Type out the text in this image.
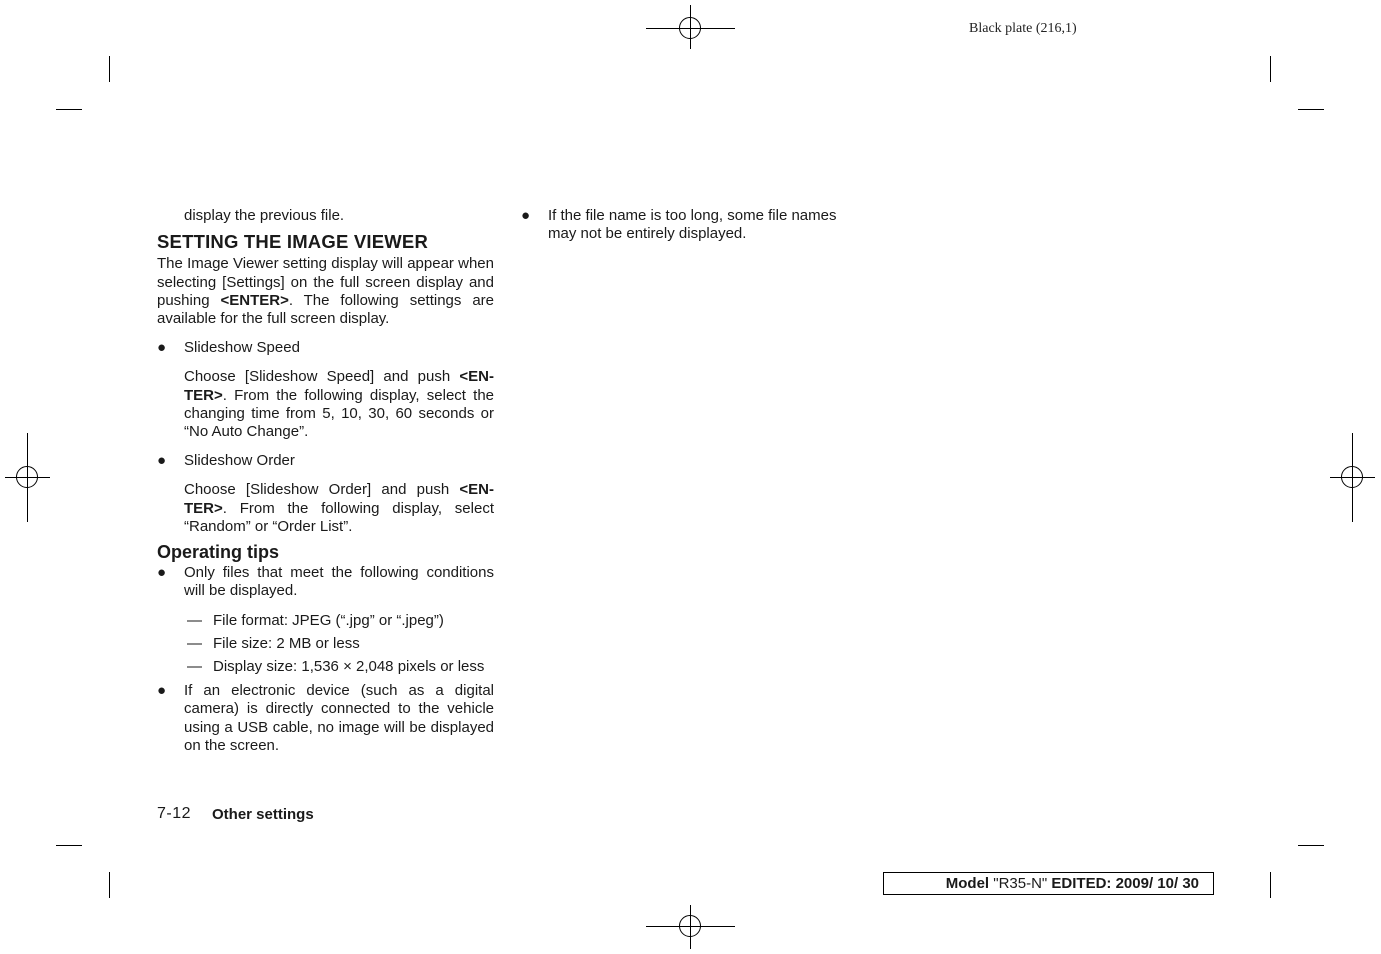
Black plate (216,1)

display the previous file.

SETTING THE IMAGE VIEWER

The Image Viewer setting display will appear when selecting [Settings] on the full screen display and pushing <ENTER>. The following settings are available for the full screen display.

● Slideshow Speed

Choose [Slideshow Speed] and push <EN-TER>. From the following display, select the changing time from 5, 10, 30, 60 seconds or “No Auto Change”.

● Slideshow Order

Choose [Slideshow Order] and push <EN-TER>. From the following display, select “Random” or “Order List”.

Operating tips
● Only files that meet the following conditions will be displayed.
— File format: JPEG (“.jpg” or “.jpeg”)
— File size: 2 MB or less
— Display size: 1,536 × 2,048 pixels or less
● If an electronic device (such as a digital camera) is directly connected to the vehicle using a USB cable, no image will be displayed on the screen.
● If the file name is too long, some file names may not be entirely displayed.
7-12 Other settings
Model "R35-N" EDITED: 2009/ 10/ 30
